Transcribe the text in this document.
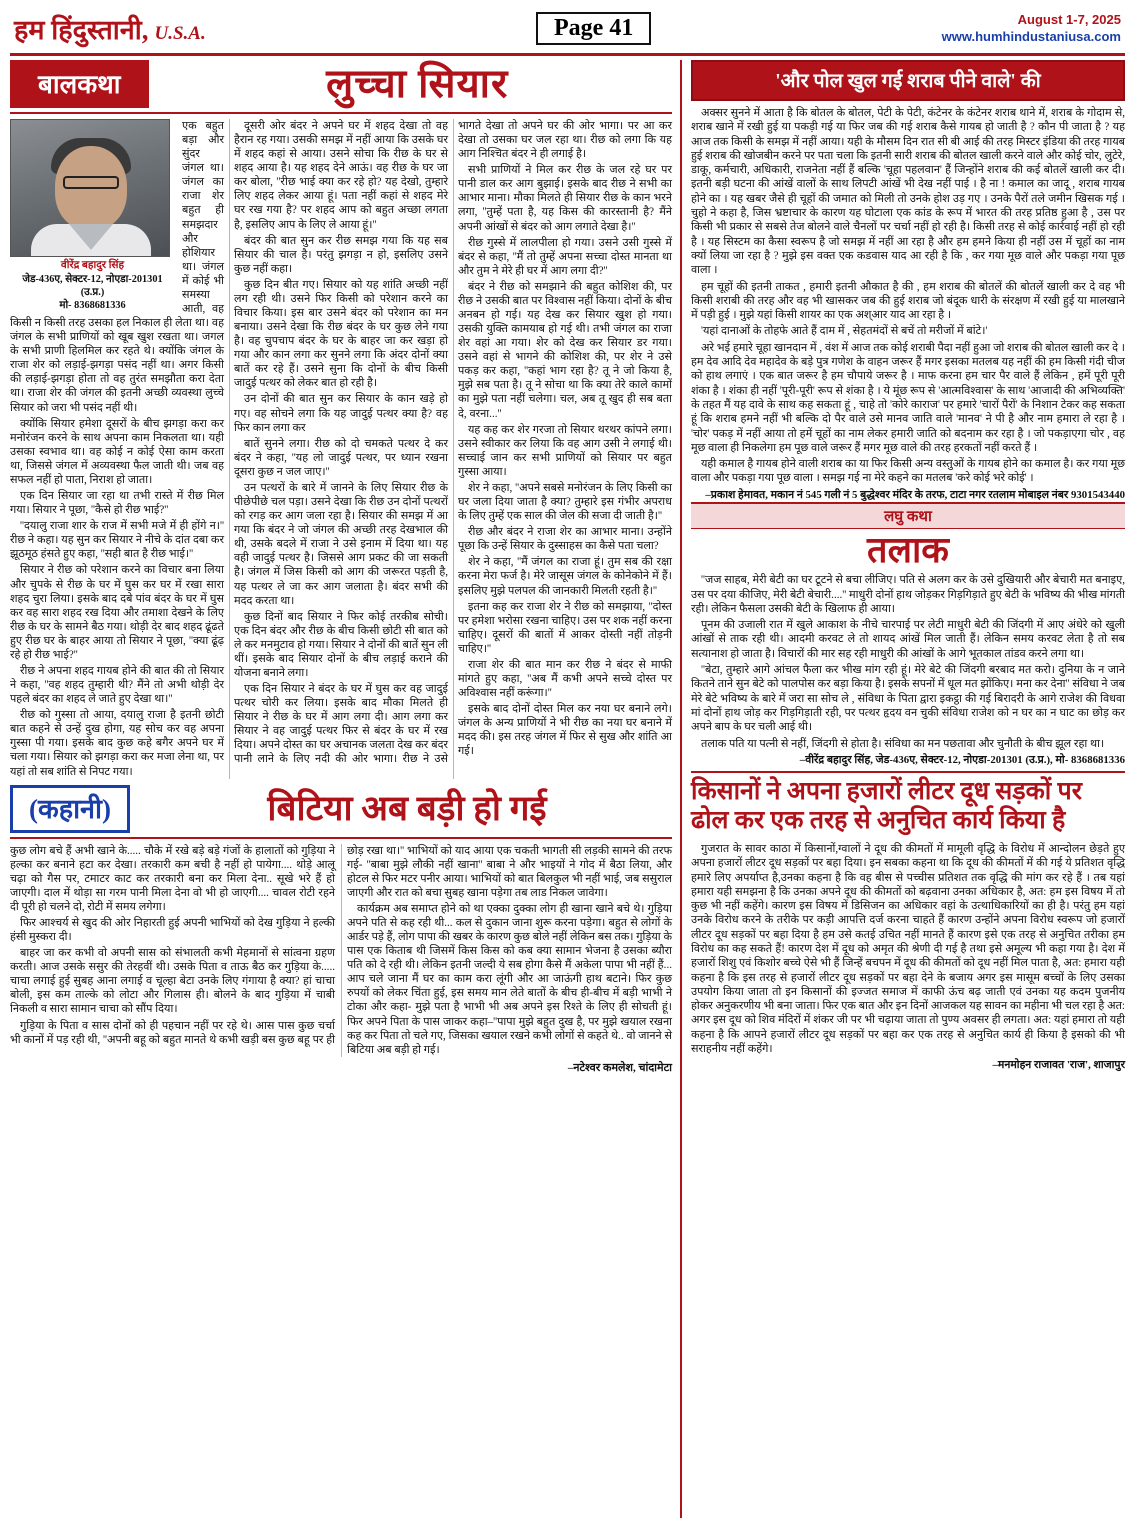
हम हिंदुस्तानी, U.S.A.	Page 41	August 1-7, 2025
www.humhindustaniusa.com
बालकथा	लुच्चा सियार
वीरेंद्र बहादुर सिंह
जेड-436ए, सेक्टर-12, नोएडा-201301 (उ.प्र.)
मो- 8368681336

एक बहुत बड़ा और सुंदर जंगल था। जंगल का राजा शेर बहुत ही समझदार और होशियार था। जंगल में कोई भी समस्या आती, वह किसी न किसी तरह उसका हल निकाल ही लेता था। वह जंगल के सभी प्राणियों को खूब खुश रखता था। जगल के सभी प्राणी हिलमिल कर रहते थे। क्योंकि जंगल के राजा शेर को लड़ाई-झगड़ा पसंद नहीं था। अगर किसी की लड़ाई-झगड़ा होता तो वह तुरंत समझौता करा देता था। राजा शेर की जंगल की इतनी अच्छी व्यवस्था लुच्चे सियार को जरा भी पसंद नहीं थी।

क्योंकि सियार हमेशा दूसरों के बीच झगड़ा करा कर मनोरंजन करने के साथ अपना काम निकलता था। यही उसका स्वभाव था। वह कोई न कोई ऐसा काम करता था, जिससे जंगल में अव्यवस्था फैल जाती थी। जब वह सफल नहीं हो पाता, निराश हो जाता।

एक दिन सियार जा रहा था तभी रास्ते में रीछ मिल गया। सियार ने पूछा, ''कैसे हो रीछ भाई?''

''दयालु राजा शार के राज में सभी मजे में ही होंगे न।'' रीछ ने कहा। यह सुन कर सियार ने नीचे के दांत दबा कर झूठमूठ हंसते हुए कहा, ''सही बात है रीछ भाई।''

सियार ने रीछ को परेशान करने का विचार बना लिया और चुपके से रीछ के घर में घुस कर घर में रखा सारा शहद चुरा लिया। इसके बाद दबे पांव बंदर के घर में घुस कर वह सारा शहद रख दिया और तमाशा देखने के लिए रीछ के घर के सामने बैठ गया। थोड़ी देर बाद शहद ढूंढते हुए रीछ घर के बाहर आया तो सियार ने पूछा, ''क्या ढूंढ़ रहे हो रीछ भाई?''

रीछ ने अपना शहद गायब होने की बात की तो सियार ने कहा, ''वह शहद तुम्हारी थी? मैंने तो अभी थोड़ी देर पहले बंदर का शहद ले जाते हुए देखा था।''

रीछ को गुस्सा तो आया, दयालु राजा है इतनी छोटी बात कहने से उन्हें दुख होगा, यह सोच कर वह अपना गुस्सा पी गया। इसके बाद कुछ कहे बगैर अपने घर में चला गया। सियार को झगड़ा करा कर मजा लेना था, पर यहां तो सब शांति से निपट गया।

दूसरी ओर बंदर ने अपने घर में शहद देखा तो वह हैरान रह गया। उसकी समझ में नहीं आया कि उसके घर में शहद कहां से आया। उसने सोचा कि रीछ के घर से शहद आया है। यह शहद देने आऊं। वह रीछ के घर जा कर बोला, ''रीछ भाई क्या कर रहे हो? यह देखो, तुम्हारे लिए शहद लेकर आया हूं। पता नहीं कहां से शहद मेरे घर रख गया है? पर शहद आप को बहुत अच्छा लगता है, इसलिए आप के लिए ले आया हूं।''

बंदर की बात सुन कर रीछ समझ गया कि यह सब सियार की चाल है। परंतु झगड़ा न हो, इसलिए उसने कुछ नहीं कहा।

कुछ दिन बीत गए। सियार को यह शांति अच्छी नहीं लग रही थी। उसने फिर किसी को परेशान करने का विचार किया। इस बार उसने बंदर को परेशान का मन बनाया। उसने देखा कि रीछ बंदर के घर कुछ लेने गया है। वह चुपचाप बंदर के घर के बाहर जा कर खड़ा हो गया और कान लगा कर सुनने लगा कि अंदर दोनों क्या बातें कर रहे हैं। उसने सुना कि दोनों के बीच किसी जादुई पत्थर को लेकर बात हो रही है।

उन दोनों की बात सुन कर सियार के कान खड़े हो गए। वह सोचने लगा कि यह जादुई पत्थर क्या है? वह फिर कान लगा कर

बातें सुनने लगा। रीछ को दो चमकते पत्थर दे कर बंदर ने कहा, ''यह लो जादुई पत्थर, पर ध्यान रखना दूसरा कुछ न जल जाए।''

उन पत्थरों के बारे में जानने के लिए सियार रीछ के पीछेपीछे चल पड़ा। उसने देखा कि रीछ उन दोनों पत्थरों को रगड़ कर आग जला रहा है। सियार की समझ में आ गया कि बंदर ने जो जंगल की अच्छी तरह देखभाल की थी, उसके बदले में राजा ने उसे इनाम में दिया था। यह वही जादुई पत्थर है। जिससे आग प्रकट की जा सकती है। जंगल में जिस किसी को आग की जरूरत पड़ती है, यह पत्थर ले जा कर आग जलाता है। बंदर सभी की मदद करता था।

कुछ दिनों बाद सियार ने फिर कोई तरकीब सोची। एक दिन बंदर और रीछ के बीच किसी छोटी सी बात को ले कर मनमुटाव हो गया। सियार ने दोनों की बातें सुन ली थीं। इसके बाद सियार दोनों के बीच लड़ाई कराने की योजना बनाने लगा।

एक दिन सियार ने बंदर के घर में घुस कर वह जादुई पत्थर चोरी कर लिया। इसके बाद मौका मिलते ही सियार ने रीछ के घर में आग लगा दी। आग लगा कर सियार ने वह जादुई पत्थर फिर से बंदर के घर में रख दिया। अपने दोस्त का घर अचानक जलता देख कर बंदर पानी लाने के लिए नदी की ओर भागा। रीछ ने उसे भागते देखा तो अपने घर की ओर भागा। पर आ कर देखा तो उसका घर जल रहा था। रीछ को लगा कि यह आग निश्चित बंदर ने ही लगाई है।

सभी प्राणियों ने मिल कर रीछ के जल रहे घर पर पानी डाल कर आग बुझाई। इसके बाद रीछ ने सभी का आभार माना। मौका मिलते ही सियार रीछ के कान भरने लगा, ''तुम्हें पता है, यह किस की कारस्तानी है? मैंने अपनी आंखों से बंदर को आग लगाते देखा है।''

रीछ गुस्से में लालपीला हो गया। उसने उसी गुस्से में बंदर से कहा, ''मैं तो तुम्हें अपना सच्चा दोस्त मानता था और तुम ने मेरे ही घर में आग लगा दी?''

बंदर ने रीछ को समझाने की बहुत कोशिश की, पर रीछ ने उसकी बात पर विश्वास नहीं किया। दोनों के बीच अनबन हो गई। यह देख कर सियार खुश हो गया। उसकी युक्ति कामयाब हो गई थी। तभी जंगल का राजा शेर वहां आ गया। शेर को देख कर सियार डर गया। उसने वहां से भागने की कोशिश की, पर शेर ने उसे पकड़ कर कहा, ''कहां भाग रहा है? तू ने जो किया है, मुझे सब पता है। तू ने सोचा था कि क्या तेरे काले कामों का मुझे पता नहीं चलेगा। चल, अब तू खुद ही सब बता दे, वरना...''

यह कह कर शेर गरजा तो सियार थरथर कांपने लगा। उसने स्वीकार कर लिया कि वह आग उसी ने लगाई थी। सच्चाई जान कर सभी प्राणियों को सियार पर बहुत गुस्सा आया।

शेर ने कहा, ''अपने सबसे मनोरंजन के लिए किसी का घर जला दिया जाता है क्या? तुम्हारे इस गंभीर अपराध के लिए तुम्हें एक साल की जेल की सजा दी जाती है।''

रीछ और बंदर ने राजा शेर का आभार माना। उन्होंने पूछा कि उन्हें सियार के दुस्साहस का कैसे पता चला?

शेर ने कहा, ''मैं जंगल का राजा हूं। तुम सब की रक्षा करना मेरा फर्ज है। मेरे जासूस जंगल के कोनेकोने में हैं। इसलिए मुझे पलपल की जानकारी मिलती रहती है।''

इतना कह कर राजा शेर ने रीछ को समझाया, ''दोस्त पर हमेशा भरोसा रखना चाहिए। उस पर शक नहीं करना चाहिए। दूसरों की बातों में आकर दोस्ती नहीं तोड़नी चाहिए।''

राजा शेर की बात मान कर रीछ ने बंदर से माफी मांगते हुए कहा, ''अब मैं कभी अपने सच्चे दोस्त पर अविश्वास नहीं करूंगा।''

इसके बाद दोनों दोस्त मिल कर नया घर बनाने लगे। जंगल के अन्य प्राणियों ने भी रीछ का नया घर बनाने में मदद की। इस तरह जंगल में फिर से सुख और शांति आ गई।

(कहानी)	बिटिया अब बड़ी हो गई

कुछ लोग बचे हैं अभी खाने के..... चौके में रखे बड़े बड़े गंजों के हालातों को गुड़िया ने हल्का कर बनाने हटा कर देखा। तरकारी कम बची है नहीं हो पायेगा.... थोड़े आलू चढ़ा को गैस पर, टमाटर काट कर तरकारी बना कर मिला देना.. सूखे भरे हैं हो जाएगी। दाल में थोड़ा सा गरम पानी मिला देना वो भी हो जाएगी.... चावल रोटी रहने दी पूरी हो चलने दो, रोटी में समय लगेगा।

फिर आश्चर्य से खुद की ओर निहारती हुई अपनी भाभियों को देख गुड़िया ने हल्की हंसी मुस्करा दी।

बाहर जा कर कभी वो अपनी सास को संभालती कभी मेहमानों से सांत्वना ग्रहण करती। आज उसके ससुर की तेरहवीं थी। उसके पिता व ताऊ बैठ कर गुड़िया के..... चाचा लगाई हुई सुबह आना लगाई व चूल्हा बेटा उनके लिए गंगाया है क्या? हां चाचा बोली, इस कम ताल्के को लोटा और गिलास ही। बोलने के बाद गुड़िया में चाबी निकली व सारा सामान चाचा को सौंप दिया।

गुड़िया के पिता व सास दोनों को ही पहचान नहीं पर रहे थे। आस पास कुछ चर्चा भी कानों में पड़ रही थी, ''अपनी बहू को बहुत मानते थे कभी खड़ी बस कुछ बहू पर ही छोड़ रखा था।'' भाभियों को याद आया एक चकती भागती सी लड़की सामने की तरफ गई- ''बाबा मुझे लौकी नहीं खाना'' बाबा ने और भाइयों ने गोद में बैठा लिया, और होटल से फिर मटर पनीर आया। भाभियों को बात बिलकुल भी नहीं भाई, जब ससुराल जाएगी और रात को बचा सुबह खाना पड़ेगा तब लाड निकल जावेगा।

कार्यक्रम अब समाप्त होने को था एक्का दुक्का लोग ही खाना खाने बचे थे। गुड़िया अपने पति से कह रही थी... कल से दुकान जाना शुरू करना पड़ेगा। बहुत से लोगों के आर्डर पड़े हैं, लोग पापा की खबर के कारण कुछ बोले नहीं लेकिन बस तक। गुड़िया के पास एक किताब थी जिसमें किस किस को कब क्या सामान भेजना है उसका ब्यौरा पति को दे रही थी। लेकिन इतनी जल्दी ये सब होगा कैसे मैं अकेला पापा भी नहीं हैं... आप चले जाना मैं घर का काम करा लूंगी और आ जाऊंगी हाथ बटाने। फिर कुछ रुपयों को लेकर चिंता हुई, इस समय मान लेते बातों के बीच ही-बीच में बड़ी भाभी ने टोका और कहा- मुझे पता है भाभी भी अब अपने इस रिश्ते के लिए ही सोचती हूं। फिर अपने पिता के पास जाकर कहा–''पापा मुझे बहुत दुख है, पर मुझे खयाल रखना कह कर पिता तो चले गए, जिसका खयाल रखने कभी लोगों से कहते थे.. वो जानने से बिटिया अब बड़ी हो गई।

–नटेश्वर कमलेश, चांदामेटा
'और पोल खुल गई शराब पीने वाले' की

अक्सर सुनने में आता है कि बोतल के बोतल, पेटी के पेटी, कंटेनर के कंटेनर शराब थाने में, शराब के गोदाम से, शराब खाने में रखी हुई या पकड़ी गई या फिर जब की गई शराब कैसे गायब हो जाती है ? कौन पी जाता है ? यह आज तक किसी के समझ में नहीं आया। यही के मौसम दिन रात सी बी आई की तरह मिस्टर इंडिया की तरह गायब हुई शराब की खोजबीन करने पर पता चला कि इतनी सारी शराब की बोतल खाली करने वाले और कोई चोर, लुटेरे, डाकू, कर्मचारी, अधिकारी, राजनेता नहीं हैं बल्कि 'चूहा पहलवान' हैं जिन्होंने शराब की कई बोतलें खाली कर दी। इतनी बड़ी घटना की आंखें वालों के साथ लिपटी आंखें भी देख नहीं पाई । है ना ! कमाल का जादू , शराब गायब होने का । यह खबर जैसे ही चूहों की जमात को मिली तो उनके होश उड़ गए । उनके पैरों तले जमीन खिसक गई । चुहो ने कहा है, जिस भ्रष्टाचार के कारण यह घोटाला एक कांड के रूप में भारत की तरह प्रतिष्ठ हुआ है , उस पर किसी भी प्रकार से सबसे तेज बोलने वाले चैनलों पर चर्चा नहीं हो रही है। किसी तरह से कोई कार्रवाई नहीं हो रही है । यह सिस्टम का कैसा स्वरूप है जो समझ में नहीं आ रहा है और हम हमने किया ही नहीं उस में चूहों का नाम क्यों लिया जा रहा है ? मुझे इस वक्त एक कडवास याद आ रही है कि , कर गया मूछ वाले और पकड़ा गया पूछ वाला ।

हम चूहों की इतनी ताकत , हमारी इतनी औकात है की , हम शराब की बोतलें की बोतलें खाली कर दे वह भी किसी शराबी की तरह और वह भी खासकर जब की हुई शराब जो बंदूक धारी के संरक्षण में रखी हुई या मालखाने में पड़ी हुई । मुझे यहां किसी शायर का एक अश्आर याद आ रहा है ।

'यहां दानाओं के तोहफे आते हैं दाम में , सेहतमंदों से बचें तो मरीजों में बांटे।'

अरे भई हमारे चूहा खानदान में , वंश में आज तक कोई शराबी पैदा नहीं हुआ जो शराब की बोतल खाली कर दे । हम देव आदि देव महादेव के बड़े पुत्र गणेश के वाहन जरूर हैं मगर इसका मतलब यह नहीं की हम किसी गंदी चीज को हाथ लगाएं । एक बात जरूर है हम चौपाये जरूर है । माफ करना हम चार पैर वाले हैं लेकिन , हमें पूरी पूरी शंका है । शंका ही नहीं 'पूरी-पूरी' रूप से शंका है । ये मूंछ रूप से 'आत्मविश्वास' के साथ 'आजादी की अभिव्यक्ति' के तहत मैं यह दावे के साथ कह सकता हूं , चाहे तो 'कोरे काराज' पर हमारे 'चारों पैरों' के निशान टेकर कह सकता हूं कि शराब हमने नहीं भी बल्कि दो पैर वाले उसे मानव जाति वाले 'मानव' ने पी है और नाम हमारा ले रहा है । 'चोर' पकड़ में नहीं आया तो हमें चूहों का नाम लेकर हमारी जाति को बदनाम कर रहा है । जो पकड़ाएगा चोर , वह मूछ वाला ही निकलेगा हम पूछ वाले जरूर हैं मगर मूछ वाले की तरह हरकतों नहीं करते हैं ।

यही कमाल है गायब होने वाली शराब का या फिर किसी अन्य वस्तुओं के गायब होने का कमाल है। कर गया मूछ वाला और पकड़ा गया पूछ वाला । समझ गई ना मेरे कहने का मतलब 'करे कोई भरे कोई' ।

–प्रकाश हेमावत, मकान नं 545 गली नं 5 बुद्धेश्वर मंदिर के तरफ, टाटा नगर रतलाम मोबाइल नंबर 9301543440
लघु कथा
तलाक

''जज साहब, मेरी बेटी का घर टूटने से बचा लीजिए। पति से अलग कर के उसे दुखियारी और बेचारी मत बनाइए, उस पर दया कीजिए, मेरी बेटी बेचारी....'' माधुरी दोनों हाथ जोड़कर गिड़गिड़ाते हुए बेटी के भविष्य की भीख मांगती रही। लेकिन फैसला उसकी बेटी के खिलाफ ही आया।

पूनम की उजाली रात में खुले आकाश के नीचे चारपाई पर लेटी माधुरी बेटी की जिंदगी में आए अंधेरे को खुली आंखों से ताक रही थी। आदमी करवट ले तो शायद आंखें मिल जाती हैं। लेकिन समय करवट लेता है तो सब सत्यानाश हो जाता है। विचारों की मार सह रही माधुरी की आंखों के आगे भूतकाल तांडव करने लगा था।

''बेटा, तुम्हारे आगे आंचल फैला कर भीख मांग रही हूं। मेरे बेटे की जिंदगी बरबाद मत करो। दुनिया के न जाने कितने ताने सुन बेटे को पालपोस कर बड़ा किया है। इसके सपनों में धूल मत झोंकिए। मना कर देना'' संविधा ने जब मेरे बेटे भविष्य के बारे में जरा सा सोच ले , संविधा के पिता द्वारा इकट्ठा की गई बिरादरी के आगे राजेश की विधवा मां दोनों हाथ जोड़ कर गिड़गिड़ाती रही, पर पत्थर हृदय वन चुकी संविधा राजेश को न घर का न घाट का छोड़ कर अपने बाप के घर चली आई थी।

तलाक पति या पत्नी से नहीं, जिंदगी से होता है। संविधा का मन पछतावा और चुनौती के बीच झूल रहा था।

–वीरेंद्र बहादुर सिंह, जेड-436ए, सेक्टर-12, नोएडा-201301 (उ.प्र.), मो- 8368681336
किसानों ने अपना हजारों लीटर दूध सड़कों पर ढोल कर एक तरह से अनुचित कार्य किया है

गुजरात के सावर काठा में किसानों,ग्वालों ने दूध की कीमतों में मामूली वृद्धि के विरोध में आन्दोलन छेड़ते हुए अपना हजारों लीटर दूध सड़कों पर बहा दिया। इन सबका कहना था कि दूध की कीमतों में की गई ये प्रतिशत वृद्धि हमारे लिए अपर्याप्त है,उनका कहना है कि वह बीस से पच्चीस प्रतिशत तक वृद्धि की मांग कर रहे हैं । तब यहां हमारा यही समझना है कि उनका अपने दूध की कीमतों को बढ़वाना उनका अधिकार है, अत: हम इस विषय में तो कुछ भी नहीं कहेंगे। कारण इस विषय में डिसिजन का अधिकार वहां के उत्थाधिकारियों का ही है। परंतु हम यहां उनके विरोध करने के तरीके पर कड़ी आपत्ति दर्ज करना चाहते हैं कारण उन्होंने अपना विरोध स्वरूप जो हजारों लीटर दूध सड़कों पर बहा दिया है हम उसे कतई उचित नहीं मानते हैं कारण इसे एक तरह से अनुचित तरीका हम विरोध का कह सकते हैं! कारण देश में दूध को अमृत की श्रेणी दी गई है तथा इसे अमूल्य भी कहा गया है। देश में हजारों शिशु एवं किशोर बच्चे ऐसे भी हैं जिन्हें बचपन में दूध की कीमतों को दूध नहीं मिल पाता है, अत: हमारा यही कहना है कि इस तरह से हजारों लीटर दूध सड़कों पर बहा देने के बजाय अगर इस मासूम बच्चों के लिए उसका उपयोग किया जाता तो इन किसानों की इज्जत समाज में काफी ऊंच बढ़ जाती एवं उनका यह कदम पुजनीय होकर अनुकरणीय भी बना जाता। फिर एक बात और इन दिनों आजकल यह सावन का महीना भी चल रहा है अत: अगर इस दूध को शिव मंदिरों में शंकर जी पर भी चढ़ाया जाता तो पुण्य अवसर ही लगता। अत: यहां हमारा तो यही कहना है कि आपने हजारों लीटर दूध सड़कों पर बहा कर एक तरह से अनुचित कार्य ही किया है इसको की भी सराहनीय नहीं कहेंगे।

–मनमोहन राजावत 'राज', शाजापुर
